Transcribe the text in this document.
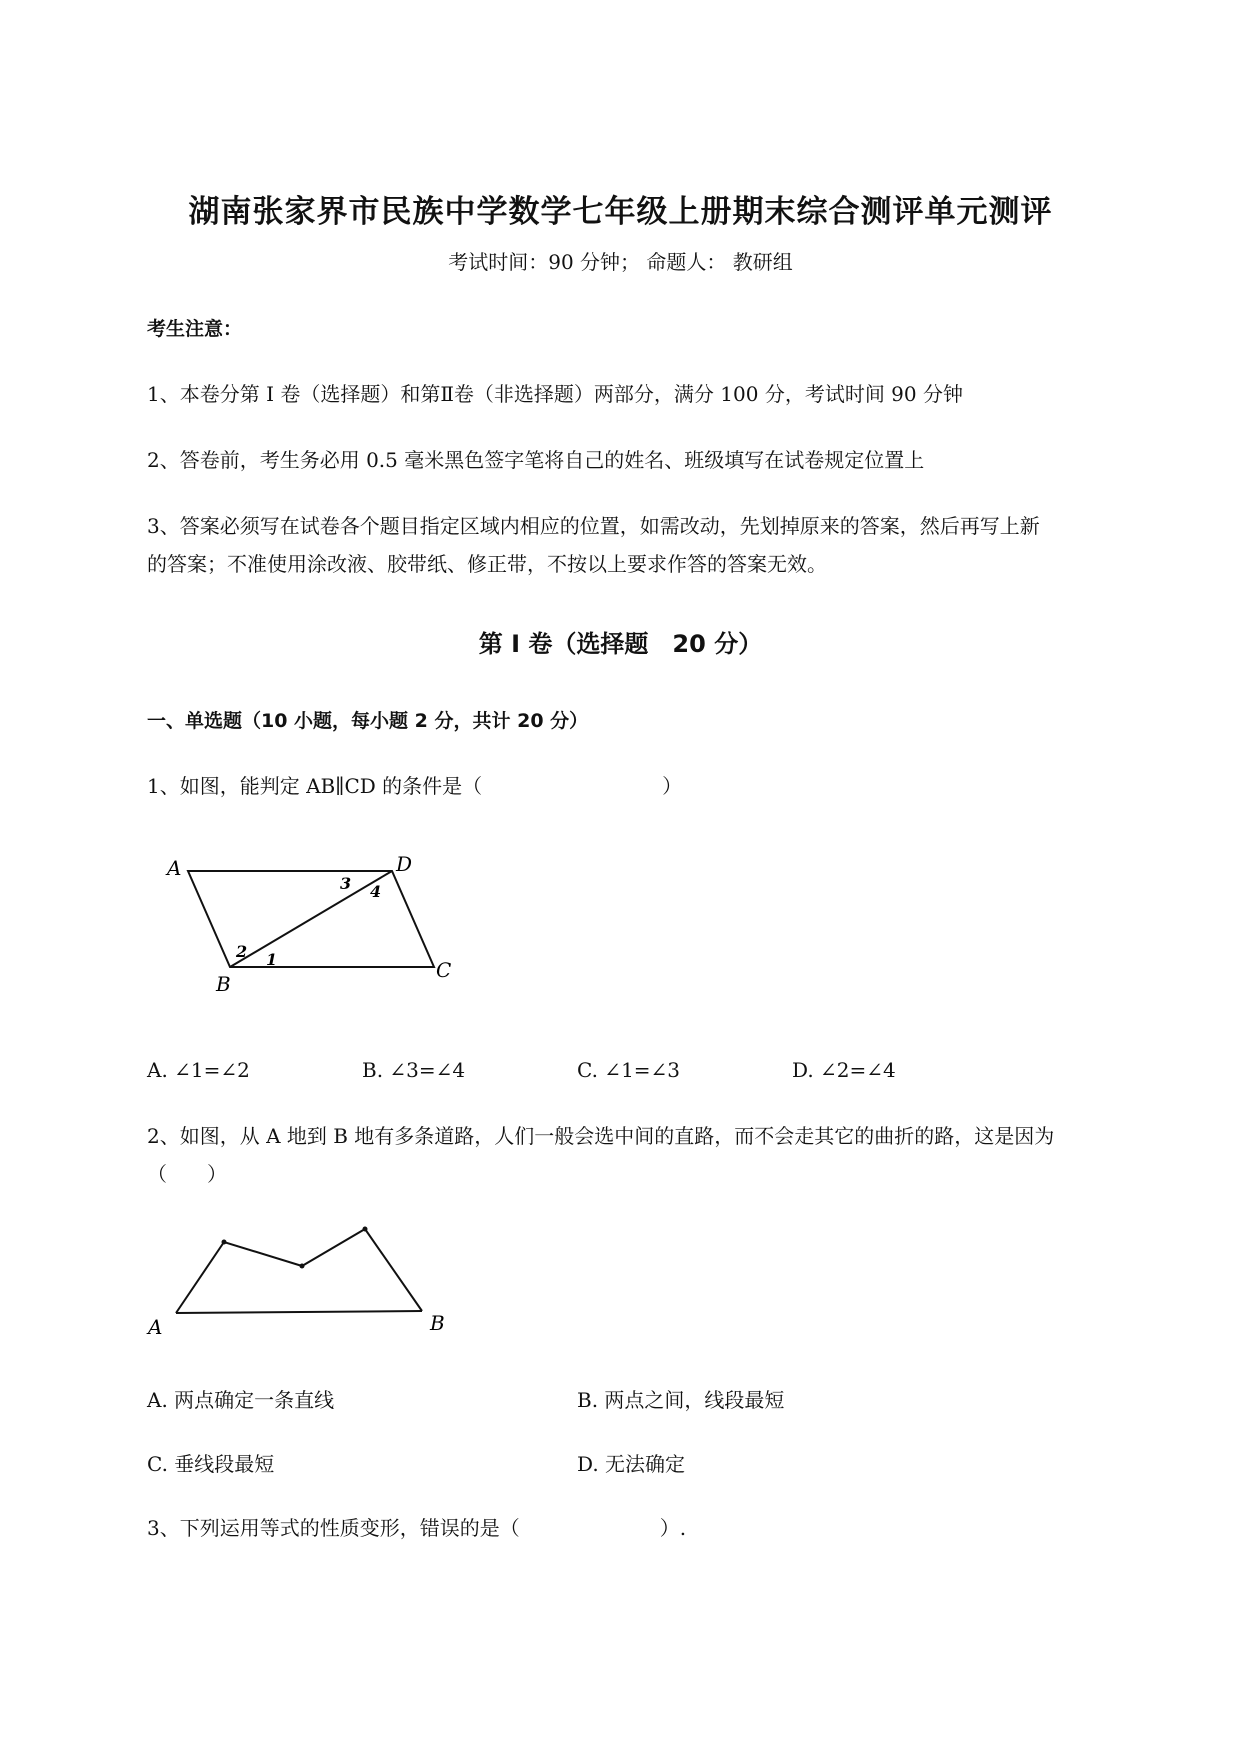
湖南张家界市民族中学数学七年级上册期末综合测评单元测评
考试时间：90 分钟； 命题人： 教研组
考生注意：
1、本卷分第 I 卷（选择题）和第Ⅱ卷（非选择题）两部分，满分 100 分，考试时间 90 分钟
2、答卷前，考生务必用 0.5 毫米黑色签字笔将自己的姓名、班级填写在试卷规定位置上
3、答案必须写在试卷各个题目指定区域内相应的位置，如需改动，先划掉原来的答案，然后再写上新
的答案；不准使用涂改液、胶带纸、修正带，不按以上要求作答的答案无效。
第 I 卷（选择题　20 分）
一、单选题（10 小题，每小题 2 分，共计 20 分）
1、如图，能判定 AB∥CD 的条件是（　　　　　　　　　）
A	D
B
C
1
2
3 4
A. ∠1=∠2	B. ∠3=∠4	C. ∠1=∠3	D. ∠2=∠4
2、如图，从 A 地到 B 地有多条道路，人们一般会选中间的直路，而不会走其它的曲折的路，这是因为
（　　）
A	B
A. 两点确定一条直线	B. 两点之间，线段最短
C. 垂线段最短	D. 无法确定
3、下列运用等式的性质变形，错误的是（　　　　　　　）.
